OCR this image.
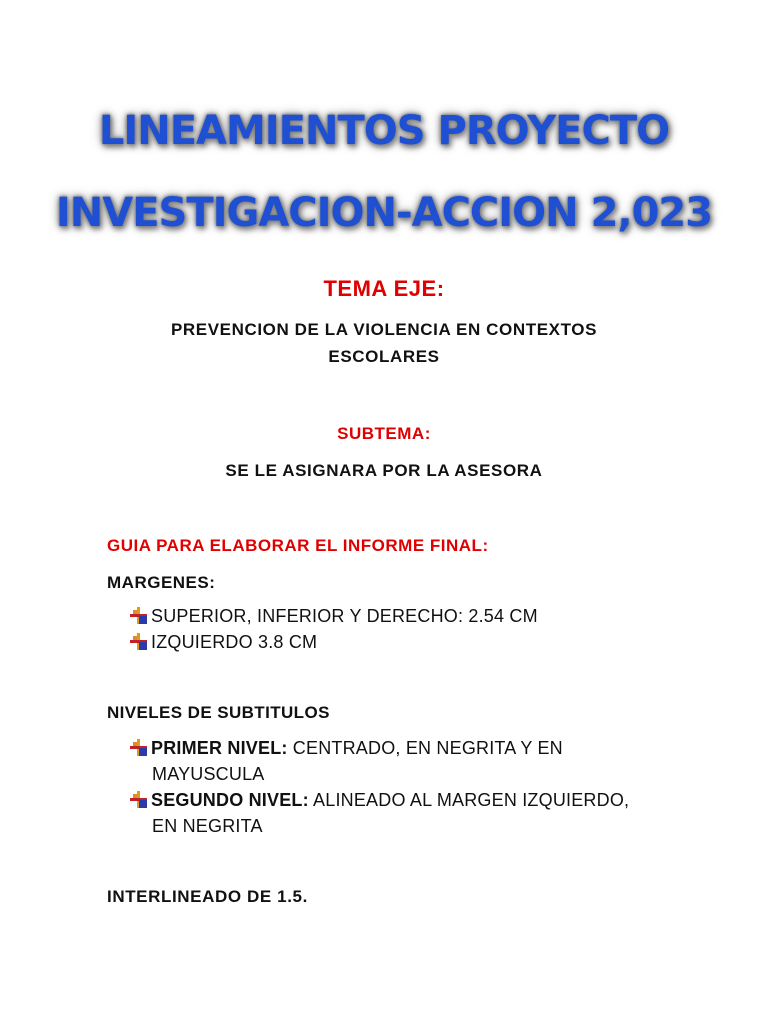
LINEAMIENTOS PROYECTO
INVESTIGACION-ACCION 2,023
TEMA EJE:
PREVENCION DE LA VIOLENCIA EN CONTEXTOS
ESCOLARES
SUBTEMA:
SE LE ASIGNARA POR LA ASESORA
GUIA PARA ELABORAR EL INFORME FINAL:
MARGENES:
SUPERIOR, INFERIOR Y DERECHO: 2.54 CM
IZQUIERDO 3.8 CM
NIVELES DE SUBTITULOS
PRIMER NIVEL: CENTRADO, EN NEGRITA Y EN
MAYUSCULA
SEGUNDO NIVEL: ALINEADO AL MARGEN IZQUIERDO,
EN NEGRITA
INTERLINEADO DE 1.5.
